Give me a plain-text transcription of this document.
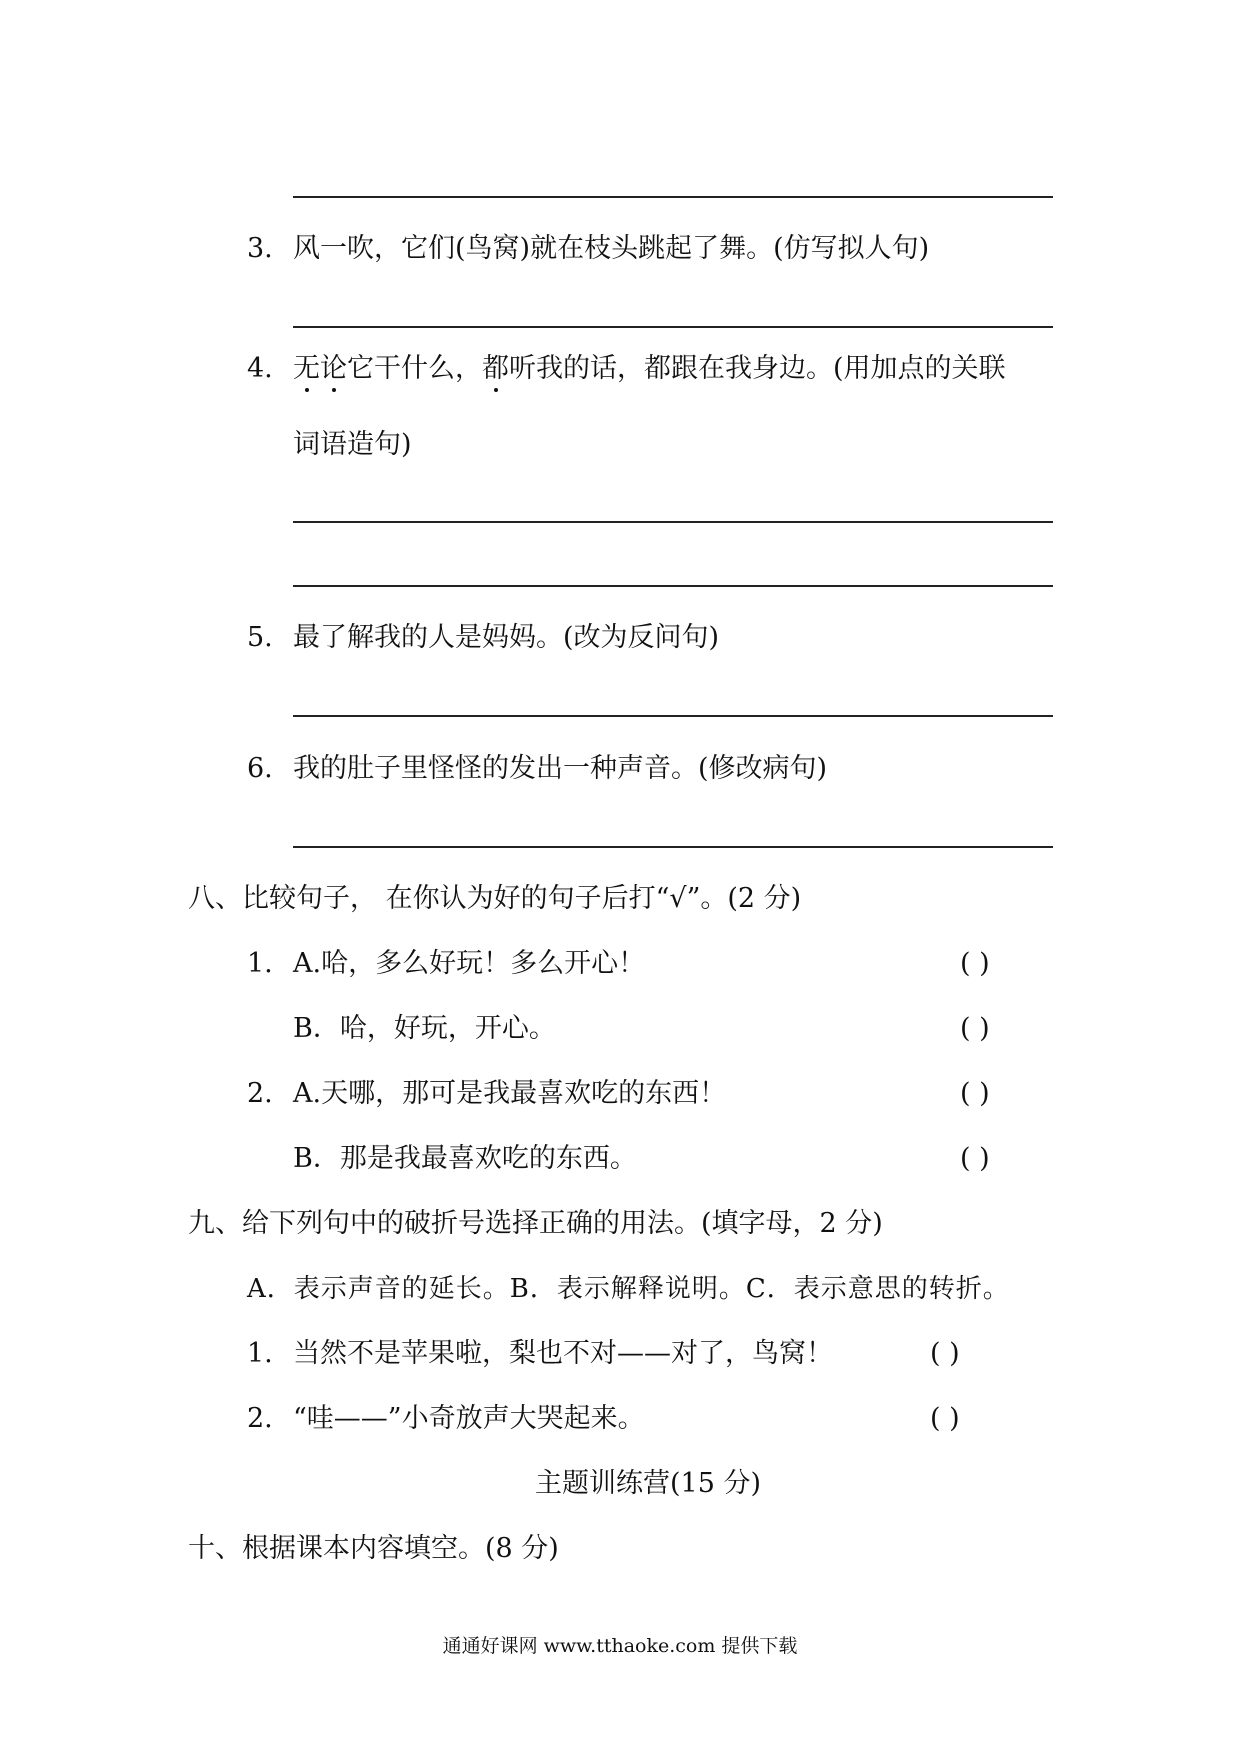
3. 风一吹，它们(鸟窝)就在枝头跳起了舞。(仿写拟人句)
4. 无论它干什么，都听我的话，都跟在我身边。(用加点的关联
词语造句)
5. 最了解我的人是妈妈。(改为反问句)
6. 我的肚子里怪怪的发出一种声音。(修改病句)
八、比较句子， 在你认为好的句子后打“√”。(2 分)
1. A.哈，多么好玩！多么开心！	( )
B．哈，好玩，开心。	( )
2. A.天哪，那可是我最喜欢吃的东西！	( )
B．那是我最喜欢吃的东西。	( )
九、给下列句中的破折号选择正确的用法。(填字母，2 分)
A．表示声音的延长。B．表示解释说明。C．表示意思的转折。
1. 当然不是苹果啦，梨也不对——对了，鸟窝！	( )
2. “哇——”小奇放声大哭起来。	( )
主题训练营(15 分)
十、根据课本内容填空。(8 分)
通通好课网 www.tthaoke.com 提供下载
